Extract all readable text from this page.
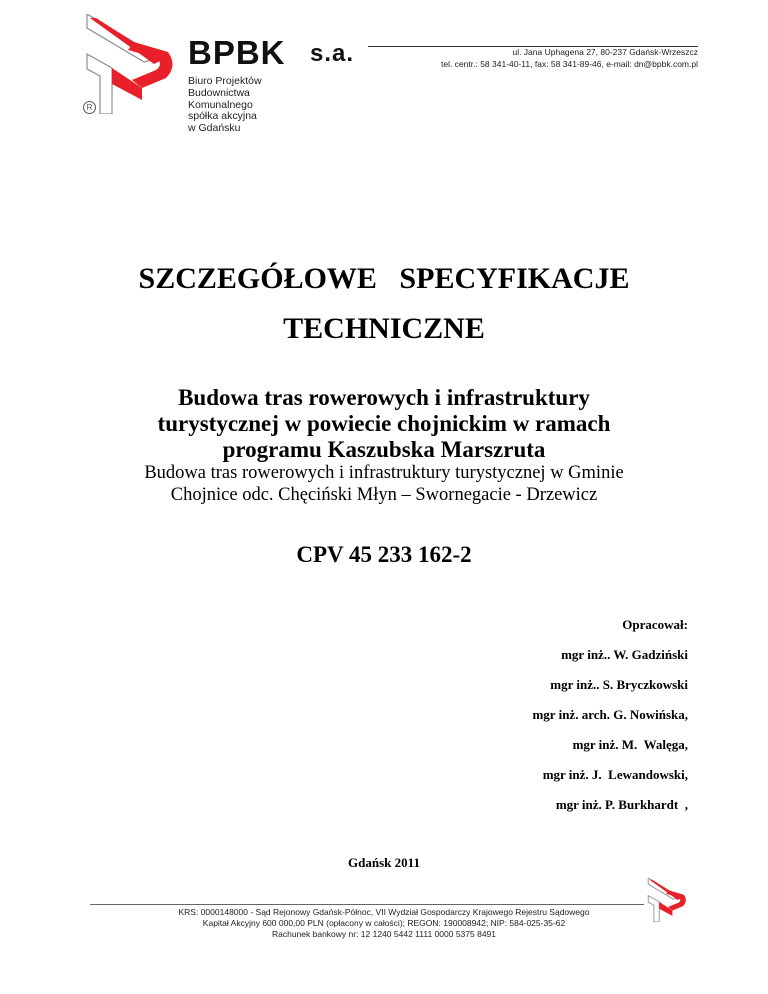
BPBK s.a.	ul. Jana Uphagena 27, 80-237 Gdańsk-Wrzeszcz
tel. centr.: 58 341-40-11, fax: 58 341-89-46, e-mail: dn@bpbk.com.pl
Biuro Projektów
Budownictwa
Komunalnego
spółka akcyjna
w Gdańsku
R
SZCZEGÓŁOWE   SPECYFIKACJE
TECHNICZNE
Budowa tras rowerowych i infrastruktury
turystycznej w powiecie chojnickim w ramach
programu Kaszubska Marszruta
Budowa tras rowerowych i infrastruktury turystycznej w Gminie
Chojnice odc. Chęciński Młyn – Swornegacie - Drzewicz
CPV 45 233 162-2
Opracował:
mgr inż.. W. Gadziński
mgr inż.. S. Bryczkowski
mgr inż. arch. G. Nowińska,
mgr inż. M.  Walęga,
mgr inż. J.  Lewandowski,
mgr inż. P. Burkhardt  ,
Gdańsk 2011
KRS: 0000148000 - Sąd Rejonowy Gdańsk-Północ, VII Wydział Gospodarczy Krajowego Rejestru Sądowego
Kapitał Akcyjny 600 000,00 PLN (opłacony w całości); REGON: 190008942; NIP: 584-025-35-62
Rachunek bankowy nr: 12 1240 5442 1111 0000 5375 8491
